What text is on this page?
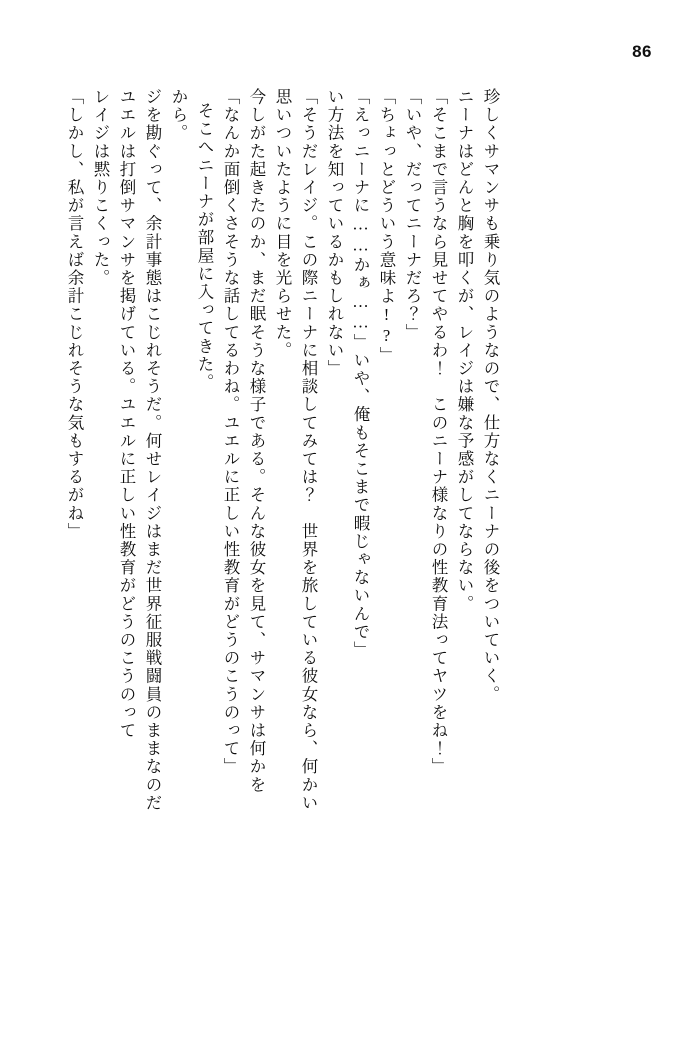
86
「しかし、私が言えば余計こじれそうな気もするがね」 レイジは黙りこくった。 ユエルは打倒サマンサを掲げている。ユエルに正しい性教育がどうのこうのって ジを勘ぐって、余計事態はこじれそうだ。何せレイジはまだ世界征服戦闘員のままなのだ から。 そこへニーナが部屋に入ってきた。 「なんか面倒くさそうな話してるわね。ユエルに正しい性教育がどうのこうのって」 今しがた起きたのか、まだ眠そうな様子である。そんな彼女を見て、サマンサは何かを 思いついたように目を光らせた。 「そうだレイジ。この際ニーナに相談してみては？　世界を旅している彼女なら、何かい い方法を知っているかもしれない」 「えっニーナに……かぁ……」いや、俺もそこまで暇じゃないんで」 「ちょっとどういう意味よ!?」 「いや、だってニーナだろ？」 「そこまで言うなら見せてやるわ！　このニーナ様なりの性教育法ってヤツをね！」 ニーナはどんと胸を叩くが、レイジは嫌な予感がしてならない。 珍しくサマンサも乗り気のようなので、仕方なくニーナの後をついていく。
